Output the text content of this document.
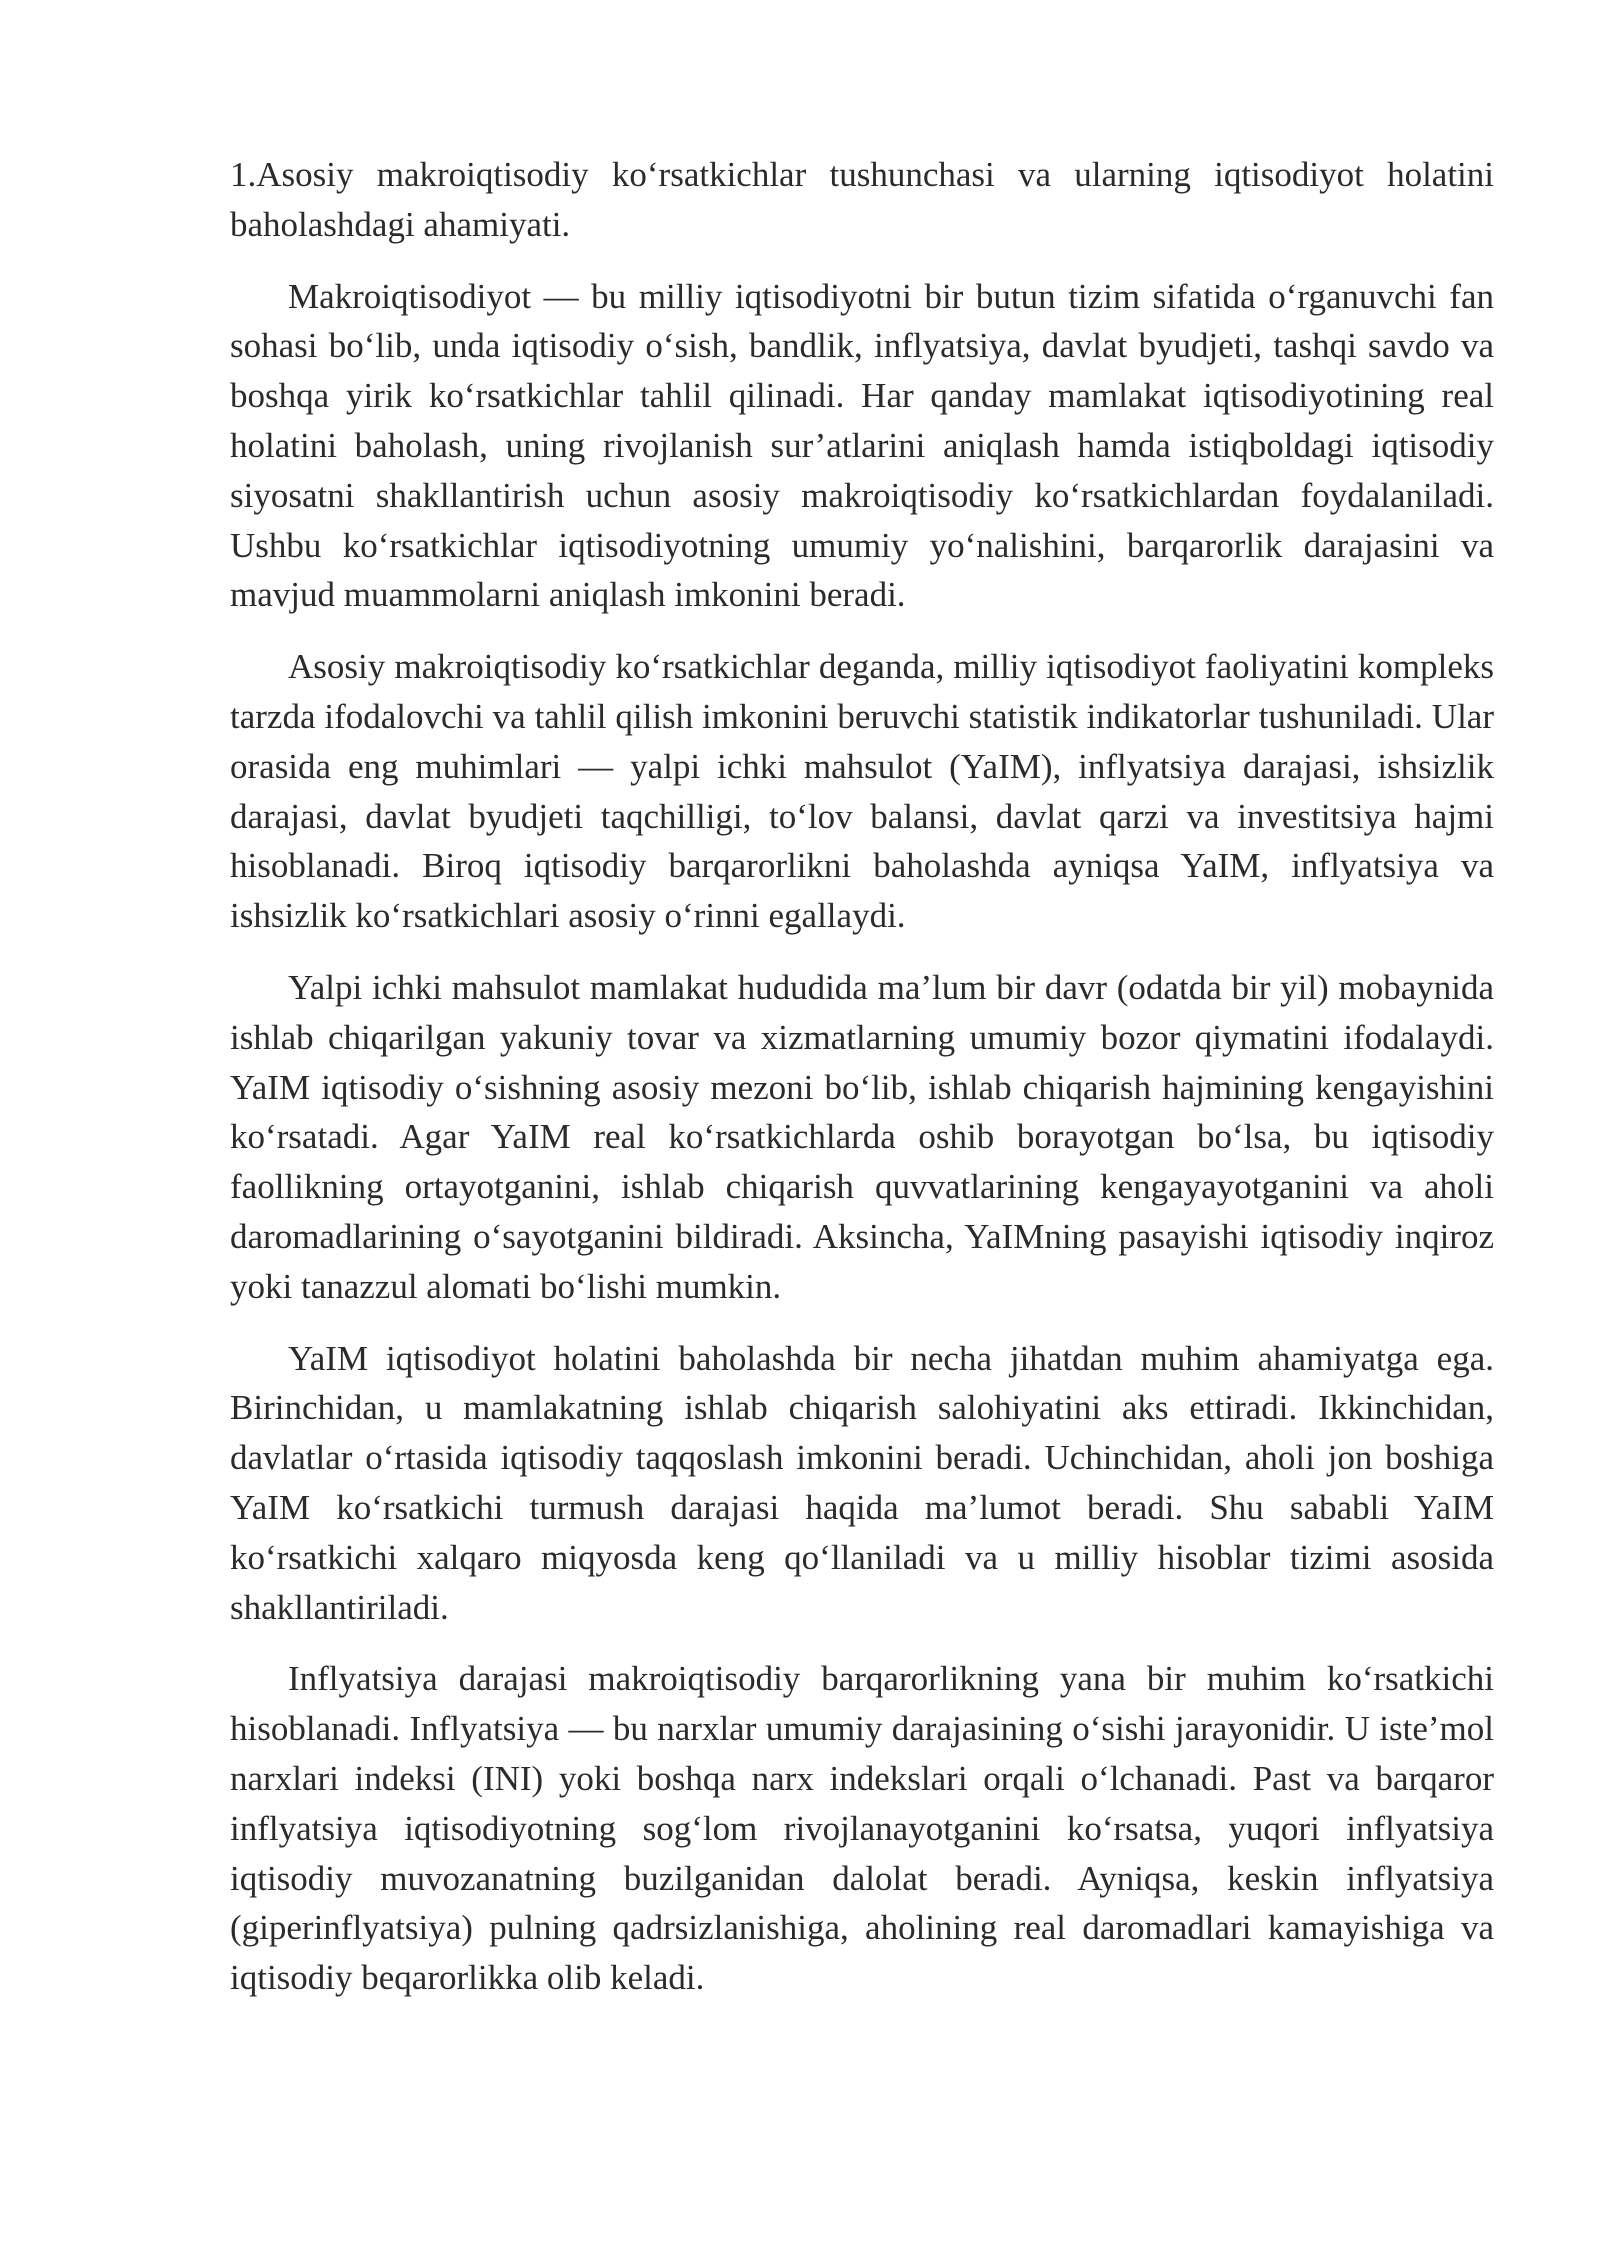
1.Asosiy makroiqtisodiy ko‘rsatkichlar tushunchasi va ularning iqtisodiyot holatini baholashdagi ahamiyati.

Makroiqtisodiyot — bu milliy iqtisodiyotni bir butun tizim sifatida o‘rganuvchi fan sohasi bo‘lib, unda iqtisodiy o‘sish, bandlik, inflyatsiya, davlat byudjeti, tashqi savdo va boshqa yirik ko‘rsatkichlar tahlil qilinadi. Har qanday mamlakat iqtisodiyotining real holatini baholash, uning rivojlanish sur’atlarini aniqlash hamda istiqboldagi iqtisodiy siyosatni shakllantirish uchun asosiy makroiqtisodiy ko‘rsatkichlardan foydalaniladi. Ushbu ko‘rsatkichlar iqtisodiyotning umumiy yo‘nalishini, barqarorlik darajasini va mavjud muammolarni aniqlash imkonini beradi.

Asosiy makroiqtisodiy ko‘rsatkichlar deganda, milliy iqtisodiyot faoliyatini kompleks tarzda ifodalovchi va tahlil qilish imkonini beruvchi statistik indikatorlar tushuniladi. Ular orasida eng muhimlari — yalpi ichki mahsulot (YaIM), inflyatsiya darajasi, ishsizlik darajasi, davlat byudjeti taqchilligi, to‘lov balansi, davlat qarzi va investitsiya hajmi hisoblanadi. Biroq iqtisodiy barqarorlikni baholashda ayniqsa YaIM, inflyatsiya va ishsizlik ko‘rsatkichlari asosiy o‘rinni egallaydi.

Yalpi ichki mahsulot mamlakat hududida ma’lum bir davr (odatda bir yil) mobaynida ishlab chiqarilgan yakuniy tovar va xizmatlarning umumiy bozor qiymatini ifodalaydi. YaIM iqtisodiy o‘sishning asosiy mezoni bo‘lib, ishlab chiqarish hajmining kengayishini ko‘rsatadi. Agar YaIM real ko‘rsatkichlarda oshib borayotgan bo‘lsa, bu iqtisodiy faollikning ortayotganini, ishlab chiqarish quvvatlarining kengayayotganini va aholi daromadlarining o‘sayotganini bildiradi. Aksincha, YaIMning pasayishi iqtisodiy inqiroz yoki tanazzul alomati bo‘lishi mumkin.

YaIM iqtisodiyot holatini baholashda bir necha jihatdan muhim ahamiyatga ega. Birinchidan, u mamlakatning ishlab chiqarish salohiyatini aks ettiradi. Ikkinchidan, davlatlar o‘rtasida iqtisodiy taqqoslash imkonini beradi. Uchinchidan, aholi jon boshiga YaIM ko‘rsatkichi turmush darajasi haqida ma’lumot beradi. Shu sababli YaIM ko‘rsatkichi xalqaro miqyosda keng qo‘llaniladi va u milliy hisoblar tizimi asosida shakllantiriladi.

Inflyatsiya darajasi makroiqtisodiy barqarorlikning yana bir muhim ko‘rsatkichi hisoblanadi. Inflyatsiya — bu narxlar umumiy darajasining o‘sishi jarayonidir. U iste’mol narxlari indeksi (INI) yoki boshqa narx indekslari orqali o‘lchanadi. Past va barqaror inflyatsiya iqtisodiyotning sog‘lom rivojlanayotganini ko‘rsatsa, yuqori inflyatsiya iqtisodiy muvozanatning buzilganidan dalolat beradi. Ayniqsa, keskin inflyatsiya (giperinflyatsiya) pulning qadrsizlanishiga, aholining real daromadlari kamayishiga va iqtisodiy beqarorlikka olib keladi.
